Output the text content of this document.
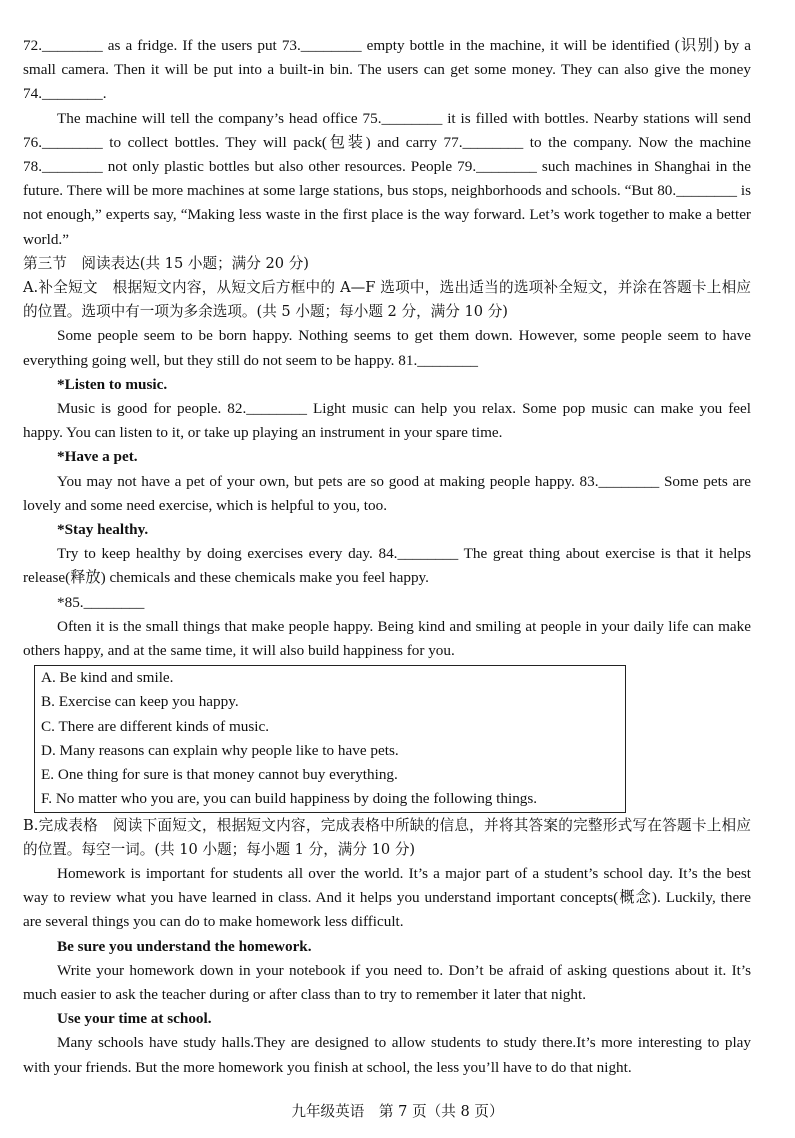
72.________ as a fridge. If the users put 73.________ empty bottle in the machine, it will be identified (识别) by a small camera. Then it will be put into a built-in bin. The users can get some money. They can also give the money 74.________.

The machine will tell the company’s head office 75.________ it is filled with bottles. Nearby stations will send 76.________ to collect bottles. They will pack(包装) and carry 77.________ to the company. Now the machine 78.________ not only plastic bottles but also other resources. People 79.________ such machines in Shanghai in the future. There will be more machines at some large stations, bus stops, neighborhoods and schools. “But 80.________ is not enough,” experts say, “Making less waste in the first place is the way forward. Let’s work together to make a better world.”

第三节　阅读表达(共 15 小题；满分 20 分)

A.补全短文　根据短文内容，从短文后方框中的 A—F 选项中，选出适当的选项补全短文，并涂在答题卡上相应的位置。选项中有一项为多余选项。(共 5 小题；每小题 2 分，满分 10 分)

Some people seem to be born happy. Nothing seems to get them down. However, some people seem to have everything going well, but they still do not seem to be happy. 81.________

*Listen to music.

Music is good for people. 82.________ Light music can help you relax. Some pop music can make you feel happy. You can listen to it, or take up playing an instrument in your spare time.

*Have a pet.

You may not have a pet of your own, but pets are so good at making people happy. 83.________ Some pets are lovely and some need exercise, which is helpful to you, too.

*Stay healthy.

Try to keep healthy by doing exercises every day. 84.________ The great thing about exercise is that it helps release(释放) chemicals and these chemicals make you feel happy.

*85.________

Often it is the small things that make people happy. Being kind and smiling at people in your daily life can make others happy, and at the same time, it will also build happiness for you.

A. Be kind and smile.

B. Exercise can keep you happy.

C. There are different kinds of music.

D. Many reasons can explain why people like to have pets.

E. One thing for sure is that money cannot buy everything.

F. No matter who you are, you can build happiness by doing the following things.

B.完成表格　阅读下面短文，根据短文内容，完成表格中所缺的信息，并将其答案的完整形式写在答题卡上相应的位置。每空一词。(共 10 小题；每小题 1 分，满分 10 分)

Homework is important for students all over the world. It’s a major part of a student’s school day. It’s the best way to review what you have learned in class. And it helps you understand important concepts(概念). Luckily, there are several things you can do to make homework less difficult.

Be sure you understand the homework.

Write your homework down in your notebook if you need to. Don’t be afraid of asking questions about it. It’s much easier to ask the teacher during or after class than to try to remember it later that night.

Use your time at school.

Many schools have study halls.They are designed to allow students to study there.It’s more interesting to play with your friends. But the more homework you finish at school, the less you’ll have to do that night.

九年级英语　第 7 页（共 8 页）
